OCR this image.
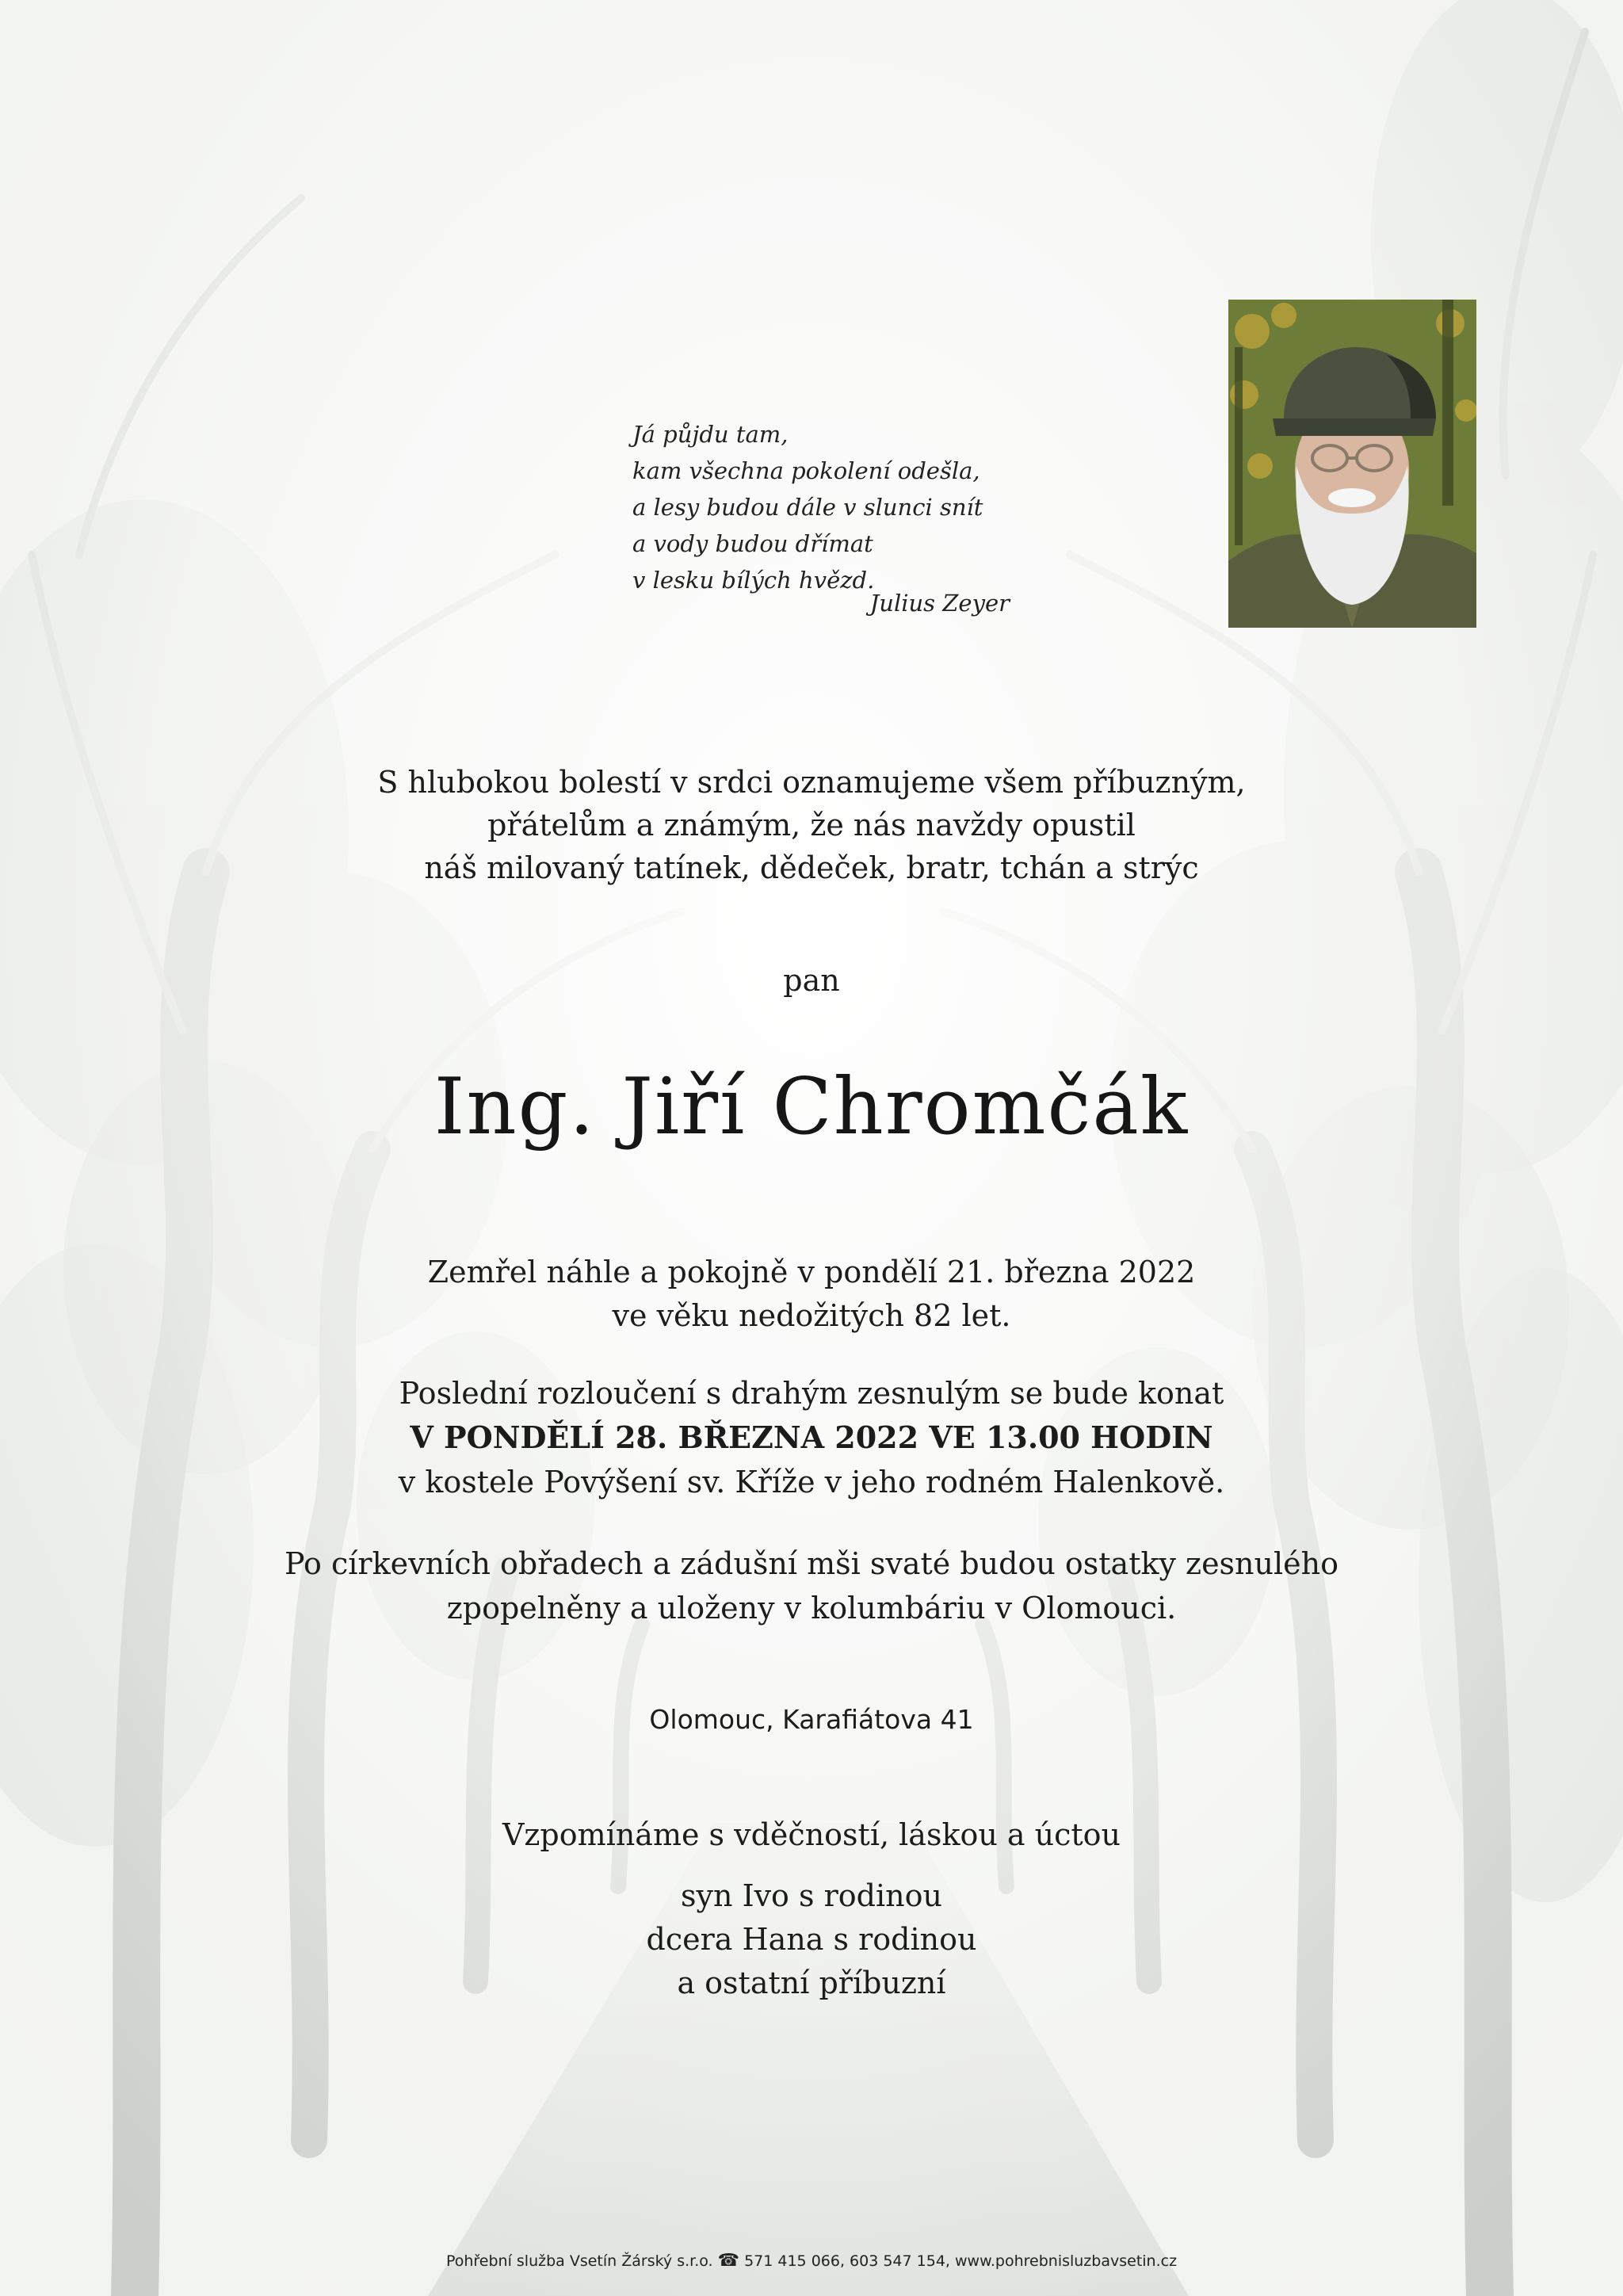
Já půjdu tam,
kam všechna pokolení odešla,
a lesy budou dále v slunci snít
a vody budou dřímat
v lesku bílých hvězd.
Julius Zeyer
S hlubokou bolestí v srdci oznamujeme všem příbuzným,
přátelům a známým, že nás navždy opustil
náš milovaný tatínek, dědeček, bratr, tchán a strýc
pan
Ing. Jiří Chromčák
Zemřel náhle a pokojně v pondělí 21. března 2022
ve věku nedožitých 82 let.
Poslední rozloučení s drahým zesnulým se bude konat
V PONDĚLÍ 28. BŘEZNA 2022 VE 13.00 HODIN
v kostele Povýšení sv. Kříže v jeho rodném Halenkově.
Po církevních obřadech a zádušní mši svaté budou ostatky zesnulého
zpopelněny a uloženy v kolumbáriu v Olomouci.
Olomouc, Karafiátova 41
Vzpomínáme s vděčností, láskou a úctou
syn Ivo s rodinou
dcera Hana s rodinou
a ostatní příbuzní
Pohřební služba Vsetín Žárský s.r.o. ☎ 571 415 066, 603 547 154, www.pohrebnisluzbavsetin.cz
